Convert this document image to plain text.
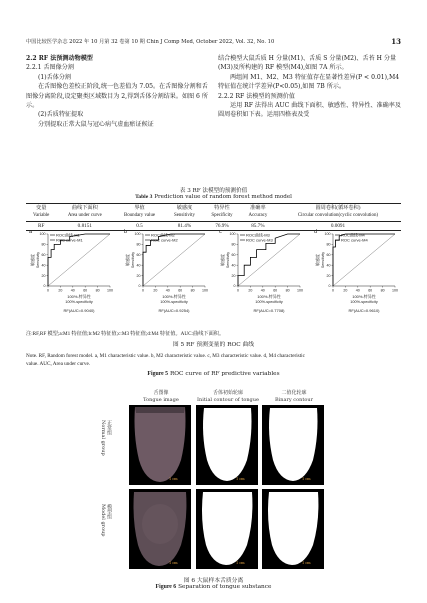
中国比较医学杂志 2022 年 10 月第 32 卷第 10 期 Chin J Comp Med, October 2022, Vol. 32, No. 10	13

2.2 RF 法预测动物模型

2.2.1 舌图像分割

(1)舌体分割

在舌图像色差校正阶段,统一色差值为 7.05。在舌图像分割和舌图像分离阶段,设定聚类区域数目为 2,得到舌体分割结果。如图 6 所示。

(2)舌质特征提取

分别提取正常大鼠与冠心病气虚血瘀证候证

结合模型大鼠舌质 H 分量(M1)、舌质 S 分量(M2)、舌苔 H 分量(M3)及所构建的 RF 模型(M4),如图 7A 所示。

两组间 M1、M2、M3 特征值存在显著性差异(P < 0.01),M4 特征值在统计学差异(P<0.05),如图 7B 所示。

2.2.2 RF 法模型的预测价值

运用 RF 法得出 AUC 曲线下面积、敏感性、特异性、准确率及圆周卷积如下表。运用四格表及受

表 3 RF 法模型的预测价值
Table 3 Prediction value of random forest method model
变量	曲线下面积	界值	敏感度	特异性	准确率	圆周卷积(循环卷积)
Variable	Area under curve	Boundary value	Sensitivity	Specificity	Accuracy	Circular convolution(cyclic convolution)
RF	0.8151	0.5	81.4%	76.9%	85.7%	0.0091
a	ROC曲线-M1
ROC curve-M1
0	20 40 60 80 100
0
20
40
60
80
100
敏感度 Sensitivity
100%-特异性
100%-specificity
RF(AUC=0.9040)
b	ROC曲线-M2
ROC curve-M2
0	20 40 60 80 100
0
20
40
60
80
100
敏感度 Sensitivity
100%-特异性
100%-specificity
RF(AUC=0.9254)
c	ROC曲线-M3
ROC curve-M3
0	20 40 60 80 100
0
20
40
60
80
100
敏感度 Sensitivity
100%-特异性
100%-specificity
RF(AUC=0.7708)
d	ROC曲线-M4
ROC curve-M4
0	20 40 60 80 100
0
20
40
60
80
100
敏感度 Sensitivity
100%-特异性
100%-specificity
RF(AUC=0.9610)
注:RF,RF 模型;a:M1 特征值;b:M2 特征值;c:M3 特征值;d:M4 特征值。AUC:曲线下面积。
图 5 RF 预测变量的 ROC 曲线
Note. RF, Random forest model. a, M1 characteristic value. b, M2 characteristic value. c, M3 characteristic value. d, M4 characteristic
value. AUC, Area under curve.
Figure 5 ROC curve of RF predictive variables
舌图像
Tongue image
舌体初始轮廓
Initial contour of tongue
二值化轮廓
Binary contour
正常组
Normal group
模型组
Model group
1 cm	1 cm	1 cm
1 cm	1 cm	1 cm
图 6 大鼠样本舌质分离
Figure 6 Separation of tongue substance
